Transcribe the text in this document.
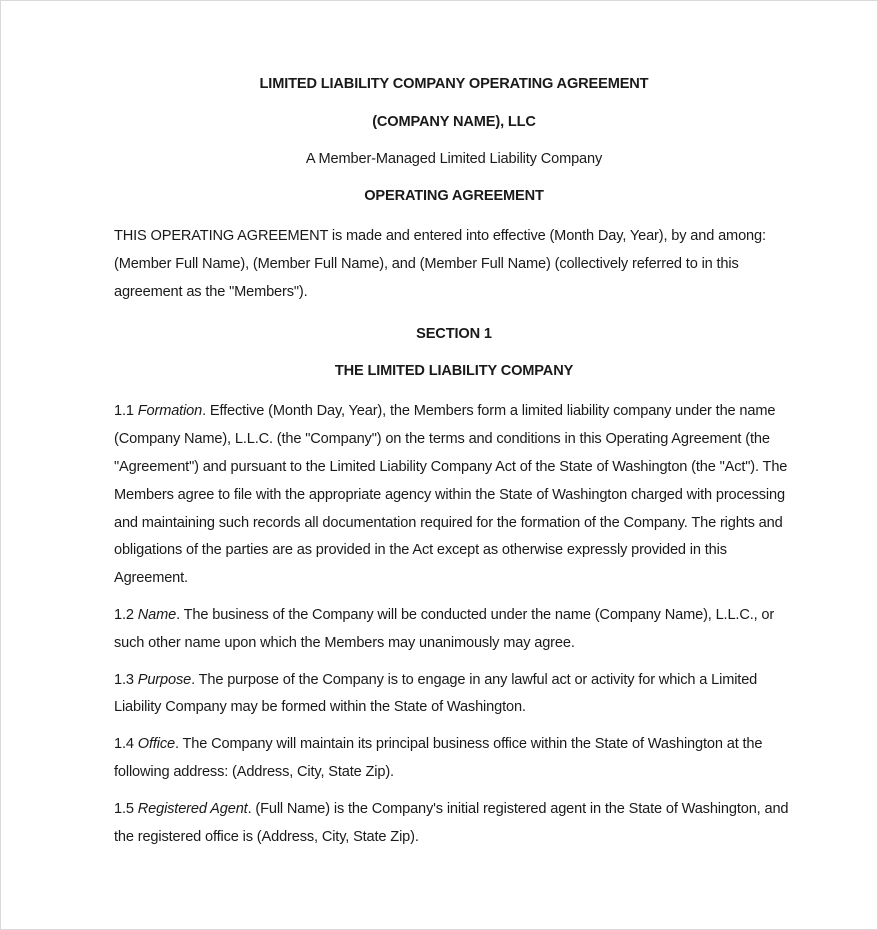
LIMITED LIABILITY COMPANY OPERATING AGREEMENT

(COMPANY NAME), LLC

A Member-Managed Limited Liability Company

OPERATING AGREEMENT

THIS OPERATING AGREEMENT is made and entered into effective (Month Day, Year), by and among: (Member Full Name), (Member Full Name), and (Member Full Name) (collectively referred to in this agreement as the "Members").

SECTION 1

THE LIMITED LIABILITY COMPANY

1.1 Formation. Effective (Month Day, Year), the Members form a limited liability company under the name (Company Name), L.L.C. (the "Company") on the terms and conditions in this Operating Agreement (the "Agreement") and pursuant to the Limited Liability Company Act of the State of Washington (the "Act"). The Members agree to file with the appropriate agency within the State of Washington charged with processing and maintaining such records all documentation required for the formation of the Company. The rights and obligations of the parties are as provided in the Act except as otherwise expressly provided in this Agreement.

1.2 Name. The business of the Company will be conducted under the name (Company Name), L.L.C., or such other name upon which the Members may unanimously may agree.

1.3 Purpose. The purpose of the Company is to engage in any lawful act or activity for which a Limited Liability Company may be formed within the State of Washington.

1.4 Office. The Company will maintain its principal business office within the State of Washington at the following address: (Address, City, State Zip).

1.5 Registered Agent. (Full Name) is the Company's initial registered agent in the State of Washington, and the registered office is (Address, City, State Zip).
